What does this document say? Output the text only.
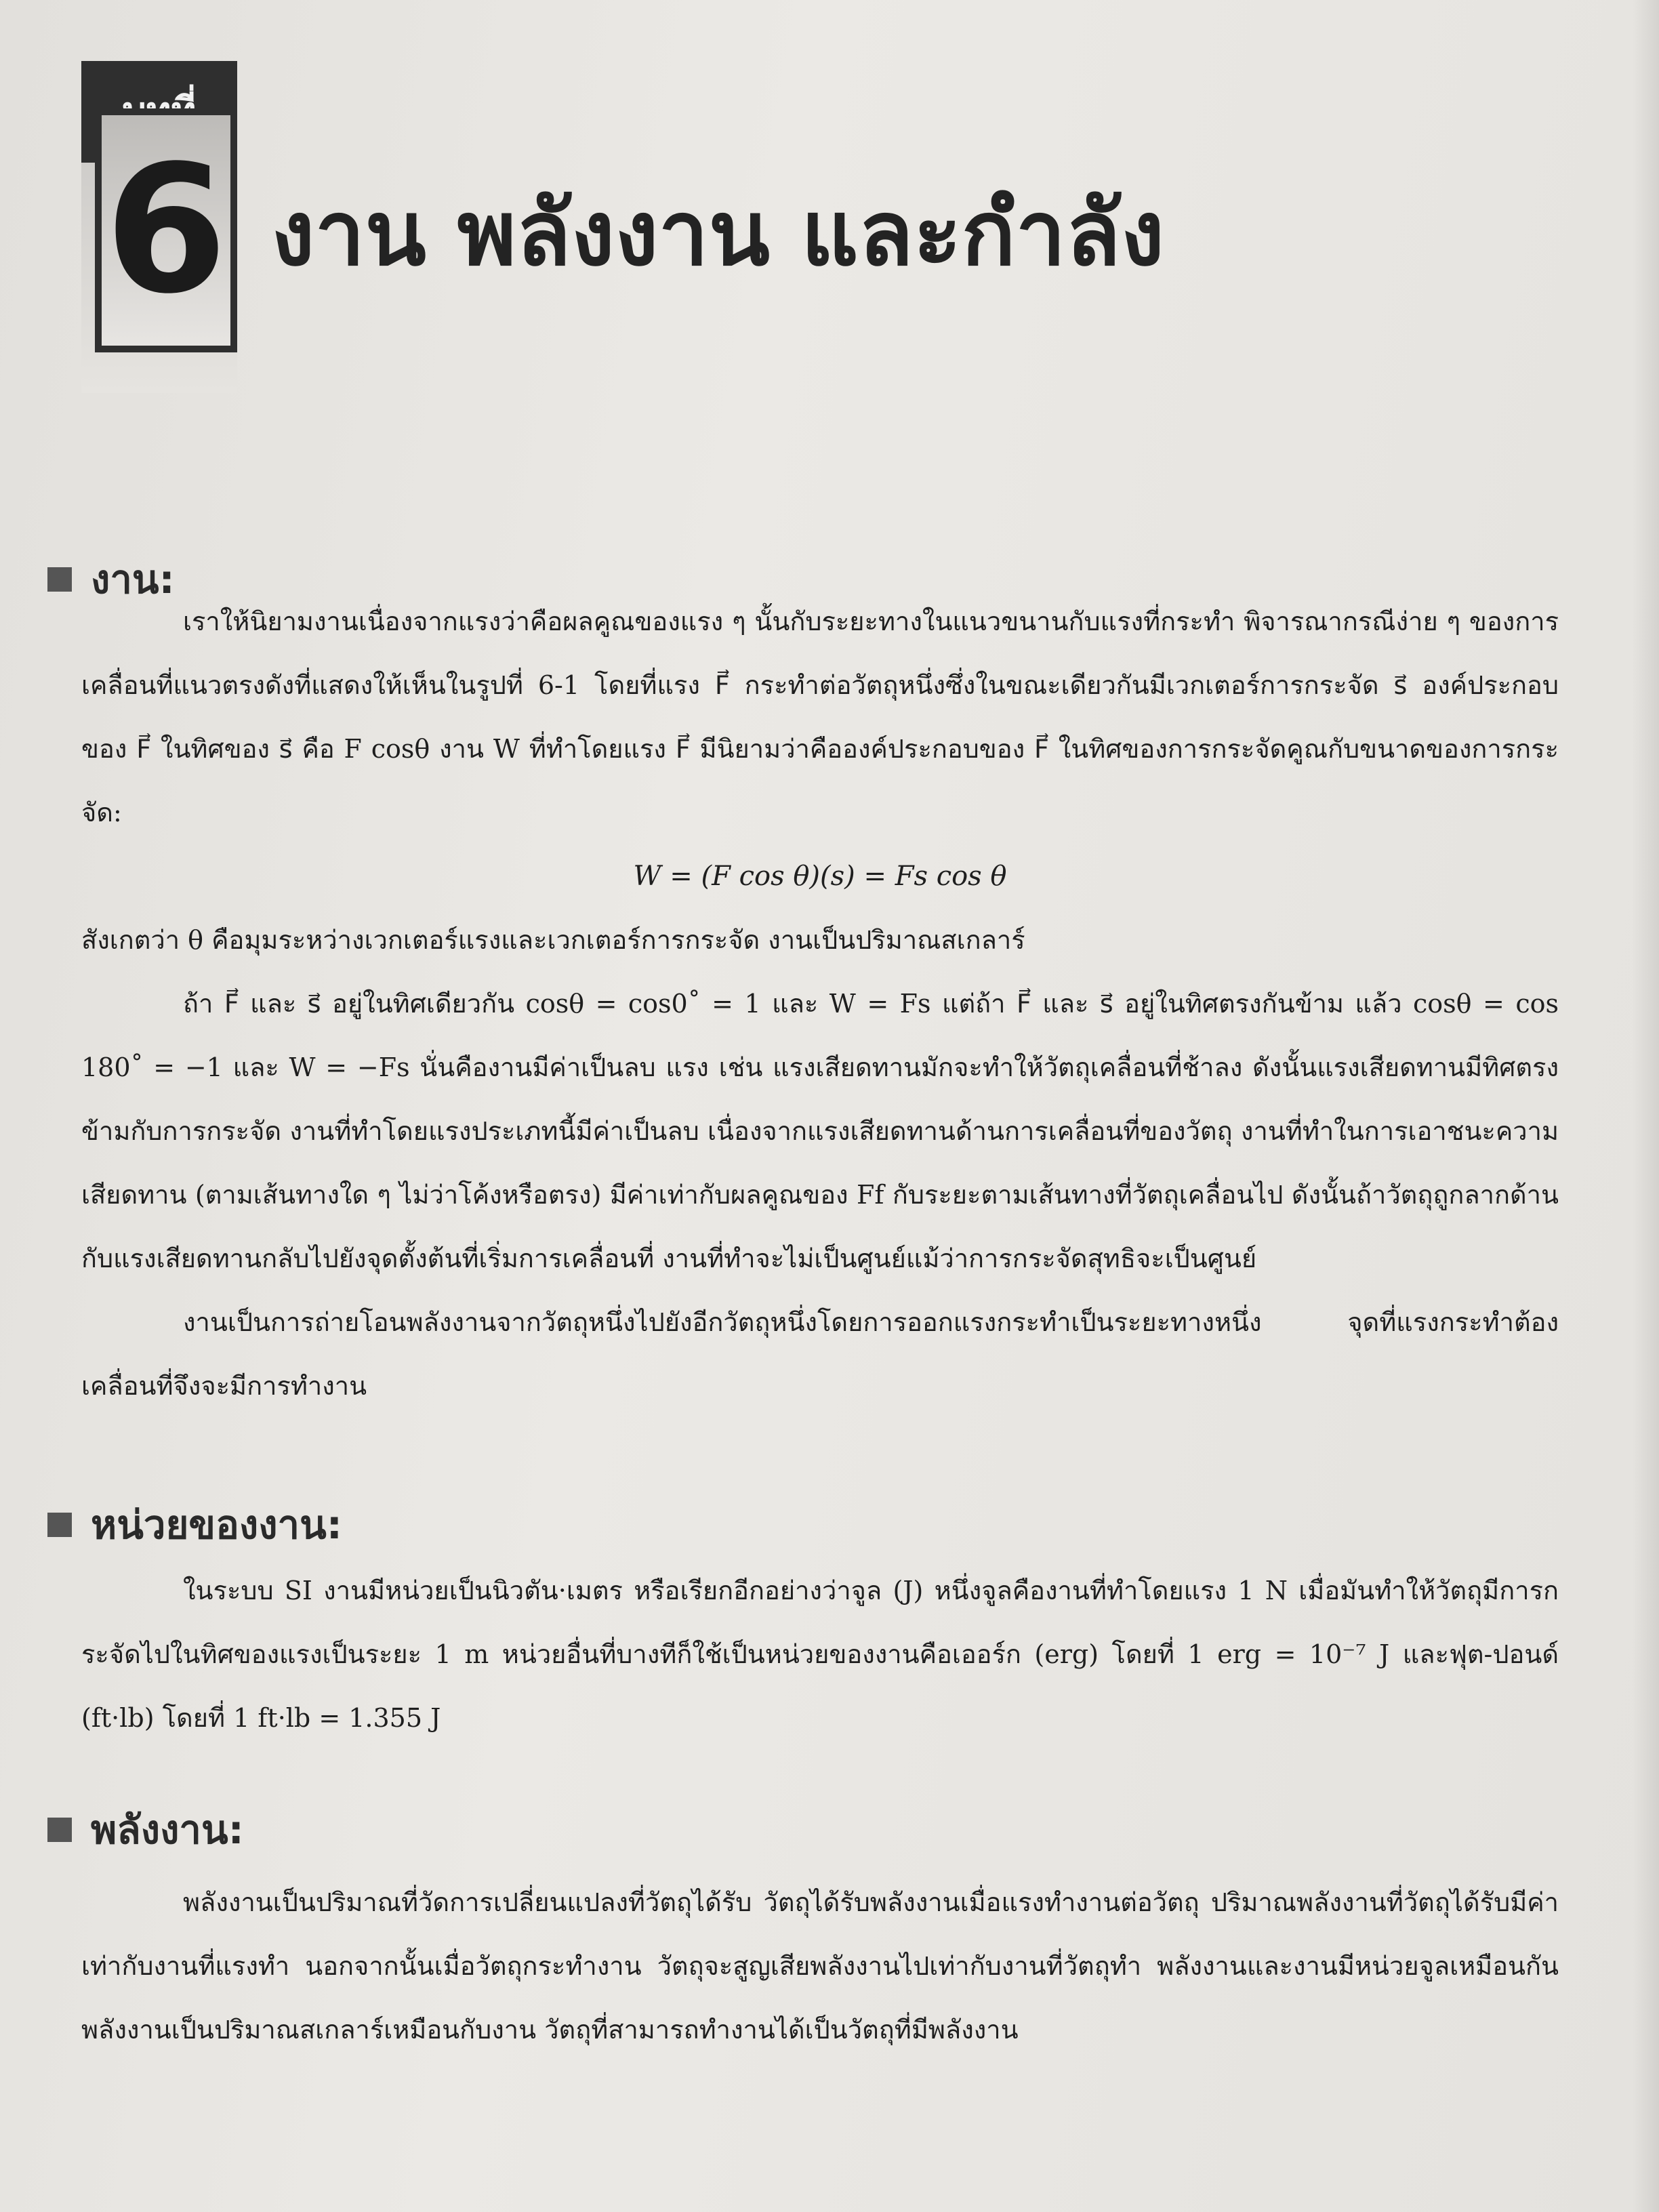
6 งาน พลังงาน และกำลัง
งาน:

เราให้นิยามงานเนื่องจากแรงว่าคือผลคูณของแรง ๆ นั้นกับระยะทางในแนวขนานกับแรงที่กระทำ พิจารณากรณีง่าย ๆ ของการเคลื่อนที่แนวตรงดังที่แสดงให้เห็นในรูปที่ 6-1 โดยที่แรง F⃗ กระทำต่อวัตถุหนึ่งซึ่งในขณะเดียวกันมีเวกเตอร์การกระจัด s⃗ องค์ประกอบของ F⃗ ในทิศของ s⃗ คือ F cosθ งาน W ที่ทำโดยแรง F⃗ มีนิยามว่าคือองค์ประกอบของ F⃗ ในทิศของการกระจัดคูณกับขนาดของการกระจัด:

W = (F cos θ)(s) = Fs cos θ

สังเกตว่า θ คือมุมระหว่างเวกเตอร์แรงและเวกเตอร์การกระจัด งานเป็นปริมาณสเกลาร์

ถ้า F⃗ และ s⃗ อยู่ในทิศเดียวกัน cosθ = cos0˚ = 1 และ W = Fs แต่ถ้า F⃗ และ s⃗ อยู่ในทิศตรงกันข้าม แล้ว cosθ = cos 180˚ = −1 และ W = −Fs นั่นคืองานมีค่าเป็นลบ แรง เช่น แรงเสียดทานมักจะทำให้วัตถุเคลื่อนที่ช้าลง ดังนั้นแรงเสียดทานมีทิศตรงข้ามกับการกระจัด งานที่ทำโดยแรงประเภทนี้มีค่าเป็นลบ เนื่องจากแรงเสียดทานด้านการเคลื่อนที่ของวัตถุ งานที่ทำในการเอาชนะความเสียดทาน (ตามเส้นทางใด ๆ ไม่ว่าโค้งหรือตรง) มีค่าเท่ากับผลคูณของ Ff กับระยะตามเส้นทางที่วัตถุเคลื่อนไป ดังนั้นถ้าวัตถุถูกลากด้านกับแรงเสียดทานกลับไปยังจุดตั้งต้นที่เริ่มการเคลื่อนที่ งานที่ทำจะไม่เป็นศูนย์แม้ว่าการกระจัดสุทธิจะเป็นศูนย์

งานเป็นการถ่ายโอนพลังงานจากวัตถุหนึ่งไปยังอีกวัตถุหนึ่งโดยการออกแรงกระทำเป็นระยะทางหนึ่ง จุดที่แรงกระทำต้องเคลื่อนที่จึงจะมีการทำงาน

หน่วยของงาน:

ในระบบ SI งานมีหน่วยเป็นนิวตัน·เมตร หรือเรียกอีกอย่างว่าจูล (J) หนึ่งจูลคืองานที่ทำโดยแรง 1 N เมื่อมันทำให้วัตถุมีการกระจัดไปในทิศของแรงเป็นระยะ 1 m หน่วยอื่นที่บางทีก็ใช้เป็นหน่วยของงานคือเออร์ก (erg) โดยที่ 1 erg = 10⁻⁷ J และฟุต-ปอนด์ (ft·lb) โดยที่ 1 ft·lb = 1.355 J

พลังงาน:

พลังงานเป็นปริมาณที่วัดการเปลี่ยนแปลงที่วัตถุได้รับ วัตถุได้รับพลังงานเมื่อแรงทำงานต่อวัตถุ ปริมาณพลังงานที่วัตถุได้รับมีค่าเท่ากับงานที่แรงทำ นอกจากนั้นเมื่อวัตถุกระทำงาน วัตถุจะสูญเสียพลังงานไปเท่ากับงานที่วัตถุทำ พลังงานและงานมีหน่วยจูลเหมือนกัน พลังงานเป็นปริมาณสเกลาร์เหมือนกับงาน วัตถุที่สามารถทำงานได้เป็นวัตถุที่มีพลังงาน
